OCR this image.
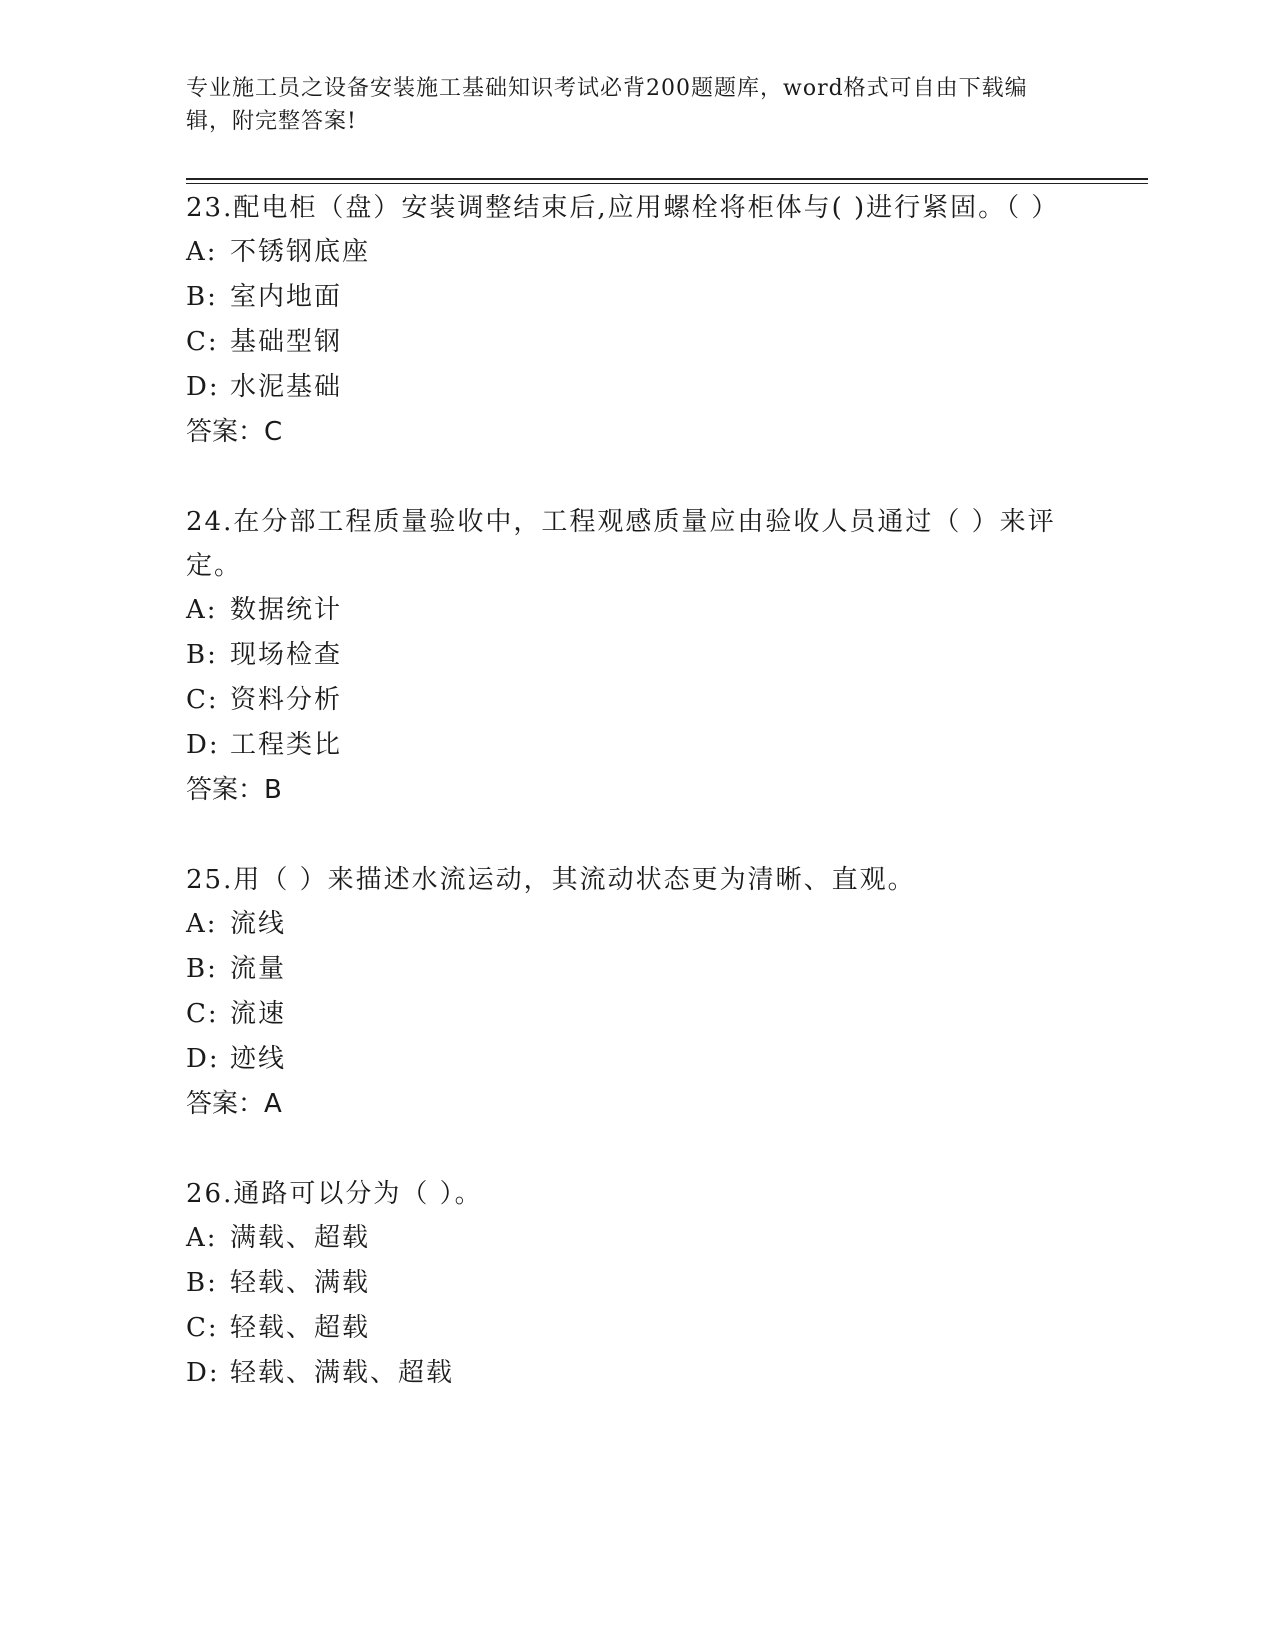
专业施工员之设备安装施工基础知识考试必背200题题库，word格式可自由下载编辑，附完整答案!
23.配电柜（盘）安装调整结束后,应用螺栓将柜体与( )进行紧固。（ ）
A: 不锈钢底座
B: 室内地面
C: 基础型钢
D: 水泥基础
答案：C
24.在分部工程质量验收中，工程观感质量应由验收人员通过（ ）来评定。
A: 数据统计
B: 现场检查
C: 资料分析
D: 工程类比
答案：B
25.用（ ）来描述水流运动，其流动状态更为清晰、直观。
A: 流线
B: 流量
C: 流速
D: 迹线
答案：A
26.通路可以分为（ ）。
A: 满载、超载
B: 轻载、满载
C: 轻载、超载
D: 轻载、满载、超载
